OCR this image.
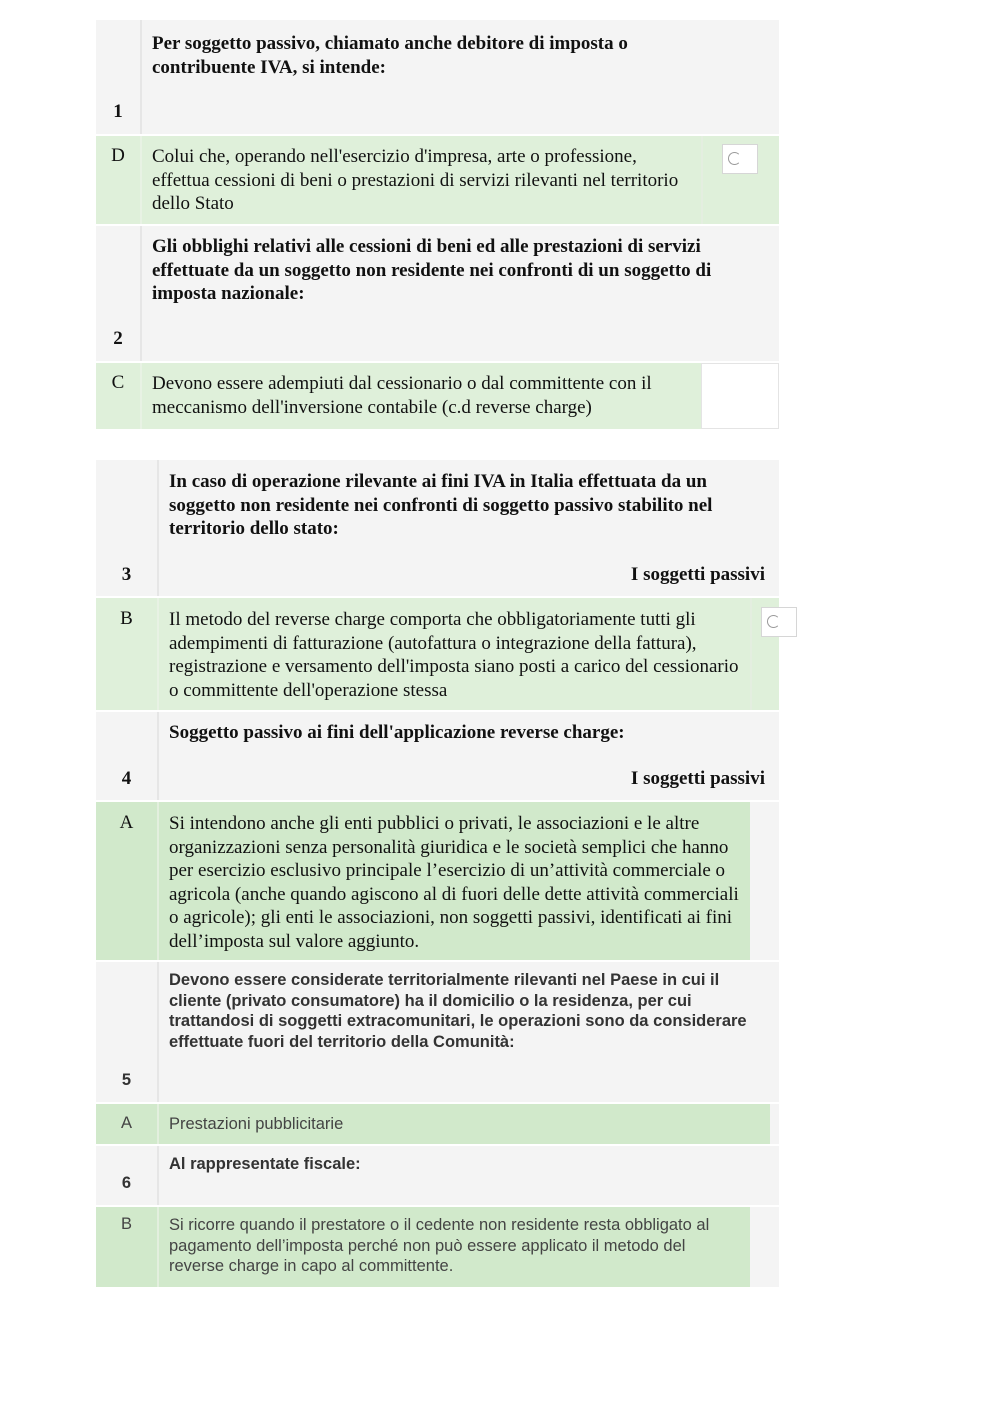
1
Per soggetto passivo, chiamato anche debitore di imposta o contribuente IVA, si intende:
D	Colui che, operando nell'esercizio d'impresa, arte o professione, effettua cessioni di beni o prestazioni di servizi rilevanti nel territorio dello Stato
2
Gli obblighi relativi alle cessioni di beni ed alle prestazioni di servizi effettuate da un soggetto non residente nei confronti di un soggetto di imposta nazionale:
C	Devono essere adempiuti dal cessionario o dal committente con il meccanismo dell'inversione contabile (c.d reverse charge)
3
In caso di operazione rilevante ai fini IVA in Italia effettuata da un soggetto non residente nei confronti di soggetto passivo stabilito nel territorio dello stato:
I soggetti passivi
B	Il metodo del reverse charge comporta che obbligatoriamente tutti gli adempimenti di fatturazione (autofattura o integrazione della fattura), registrazione e versamento dell'imposta siano posti a carico del cessionario o committente dell'operazione stessa
4
Soggetto passivo ai fini dell'applicazione reverse charge:
I soggetti passivi
A	Si intendono anche gli enti pubblici o privati, le associazioni e le altre organizzazioni senza personalità giuridica e le società semplici che hanno per esercizio esclusivo principale l’esercizio di un’attività commerciale o agricola (anche quando agiscono al di fuori delle dette attività commerciali o agricole); gli enti le associazioni, non soggetti passivi, identificati ai fini dell’imposta sul valore aggiunto.
5
Devono essere considerate territorialmente rilevanti nel Paese in cui il cliente (privato consumatore) ha il domicilio o la residenza, per cui trattandosi di soggetti extracomunitari, le operazioni sono da considerare effettuate fuori del territorio della Comunità:
A	Prestazioni pubblicitarie
6
Al rappresentate fiscale:
B	Si ricorre quando il prestatore o il cedente non residente resta obbligato al pagamento dell’imposta perché non può essere applicato il metodo del reverse charge in capo al committente.
